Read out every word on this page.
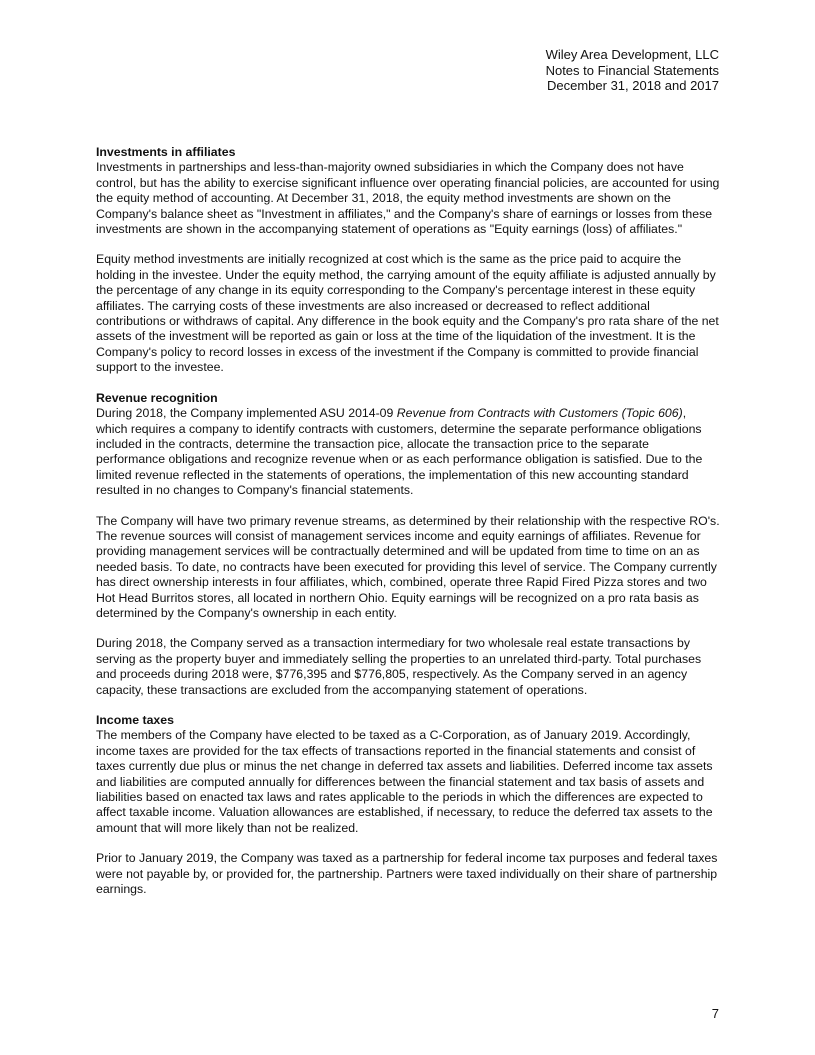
Wiley Area Development, LLC
Notes to Financial Statements
December 31, 2018 and 2017
Investments in affiliates

Investments in partnerships and less-than-majority owned subsidiaries in which the Company does not have control, but has the ability to exercise significant influence over operating financial policies, are accounted for using the equity method of accounting. At December 31, 2018, the equity method investments are shown on the Company's balance sheet as "Investment in affiliates," and the Company's share of earnings or losses from these investments are shown in the accompanying statement of operations as "Equity earnings (loss) of affiliates."

Equity method investments are initially recognized at cost which is the same as the price paid to acquire the holding in the investee. Under the equity method, the carrying amount of the equity affiliate is adjusted annually by the percentage of any change in its equity corresponding to the Company's percentage interest in these equity affiliates. The carrying costs of these investments are also increased or decreased to reflect additional contributions or withdraws of capital. Any difference in the book equity and the Company's pro rata share of the net assets of the investment will be reported as gain or loss at the time of the liquidation of the investment. It is the Company's policy to record losses in excess of the investment if the Company is committed to provide financial support to the investee.

Revenue recognition

During 2018, the Company implemented ASU 2014-09 Revenue from Contracts with Customers (Topic 606), which requires a company to identify contracts with customers, determine the separate performance obligations included in the contracts, determine the transaction pice, allocate the transaction price to the separate performance obligations and recognize revenue when or as each performance obligation is satisfied. Due to the limited revenue reflected in the statements of operations, the implementation of this new accounting standard resulted in no changes to Company's financial statements.

The Company will have two primary revenue streams, as determined by their relationship with the respective RO's. The revenue sources will consist of management services income and equity earnings of affiliates. Revenue for providing management services will be contractually determined and will be updated from time to time on an as needed basis. To date, no contracts have been executed for providing this level of service. The Company currently has direct ownership interests in four affiliates, which, combined, operate three Rapid Fired Pizza stores and two Hot Head Burritos stores, all located in northern Ohio. Equity earnings will be recognized on a pro rata basis as determined by the Company's ownership in each entity.

During 2018, the Company served as a transaction intermediary for two wholesale real estate transactions by serving as the property buyer and immediately selling the properties to an unrelated third-party. Total purchases and proceeds during 2018 were, $776,395 and $776,805, respectively. As the Company served in an agency capacity, these transactions are excluded from the accompanying statement of operations.

Income taxes

The members of the Company have elected to be taxed as a C-Corporation, as of January 2019. Accordingly, income taxes are provided for the tax effects of transactions reported in the financial statements and consist of taxes currently due plus or minus the net change in deferred tax assets and liabilities. Deferred income tax assets and liabilities are computed annually for differences between the financial statement and tax basis of assets and liabilities based on enacted tax laws and rates applicable to the periods in which the differences are expected to affect taxable income. Valuation allowances are established, if necessary, to reduce the deferred tax assets to the amount that will more likely than not be realized.

Prior to January 2019, the Company was taxed as a partnership for federal income tax purposes and federal taxes were not payable by, or provided for, the partnership. Partners were taxed individually on their share of partnership earnings.

7
